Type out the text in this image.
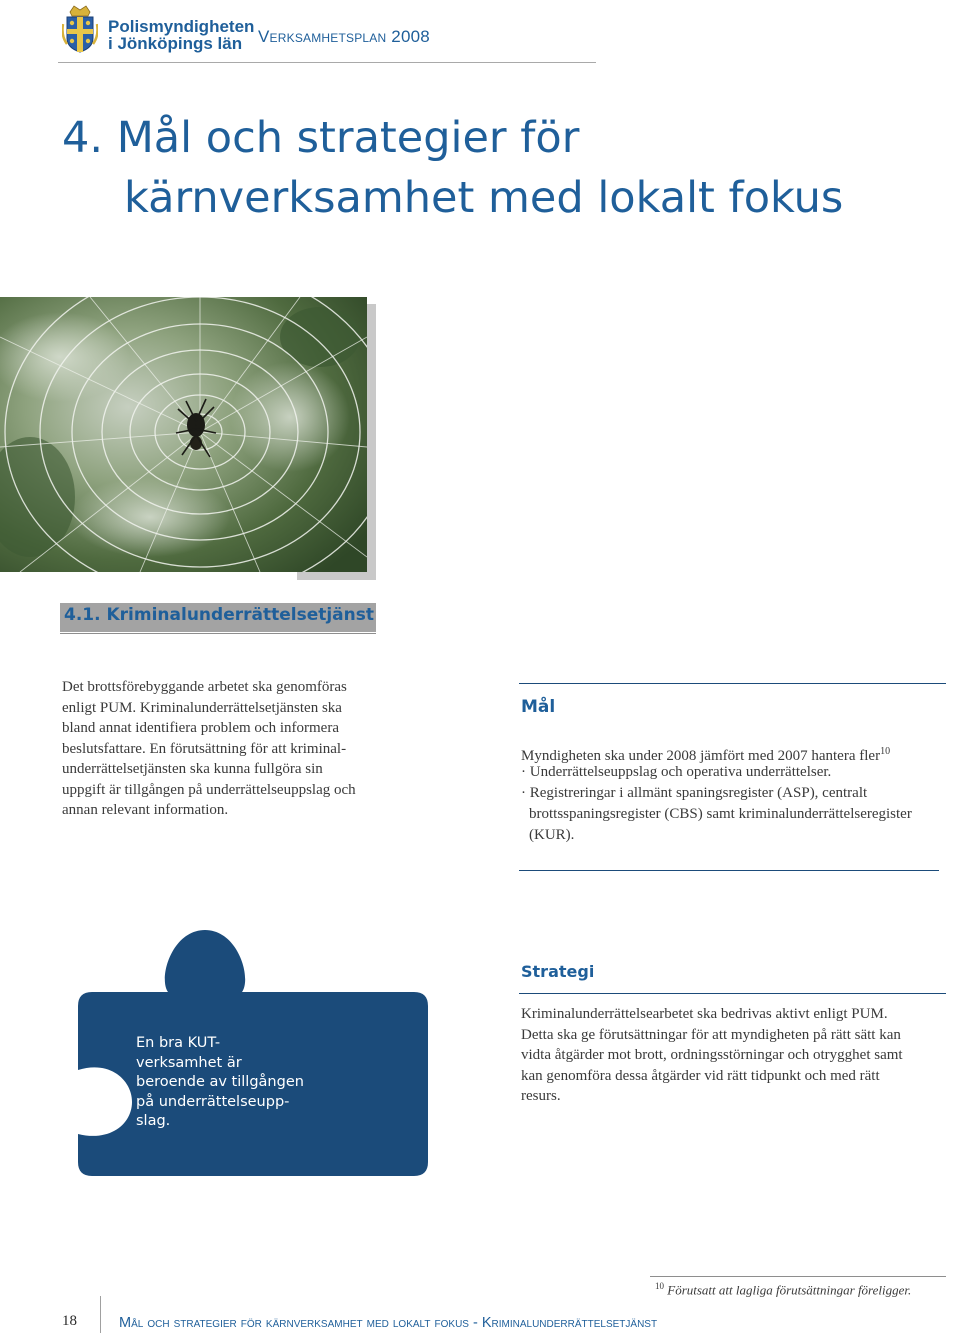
Polismyndigheten
i Jönköpings län Verksamhetsplan 2008
4. Mål och strategier för
kärnverksamhet med lokalt fokus
4.1. Kriminalunderrättelsetjänst
Det brottsförebyggande arbetet ska genomföras
enligt PUM. Kriminalunderrättelsetjänsten ska
bland annat identifiera problem och informera
beslutsfattare. En förutsättning för att kriminal-
underrättelsetjänsten ska kunna fullgöra sin
uppgift är tillgången på underrättelseuppslag och
annan relevant information.
Mål
Myndigheten ska under 2008 jämfört med 2007 hantera fler$^{10}$
· Underrättelseuppslag och operativa underrättelser.
· Registreringar i allmänt spaningsregister (ASP), centralt brottsspaningsregister (CBS) samt kriminalunderrättelseregister (KUR).
En bra KUT-
verksamhet är
beroende av tillgången
på underrättelseupp-
slag.
Strategi
Kriminalunderrättelsearbetet ska bedrivas aktivt enligt PUM.
Detta ska ge förutsättningar för att myndigheten på rätt sätt kan
vidta åtgärder mot brott, ordningsstörningar och otrygghet samt
kan genomföra dessa åtgärder vid rätt tidpunkt och med rätt
resurs.
$^{10}$ Förutsatt att lagliga förutsättningar föreligger.
18	Mål och strategier för kärnverksamhet med lokalt fokus - Kriminalunderrättelsetjänst
